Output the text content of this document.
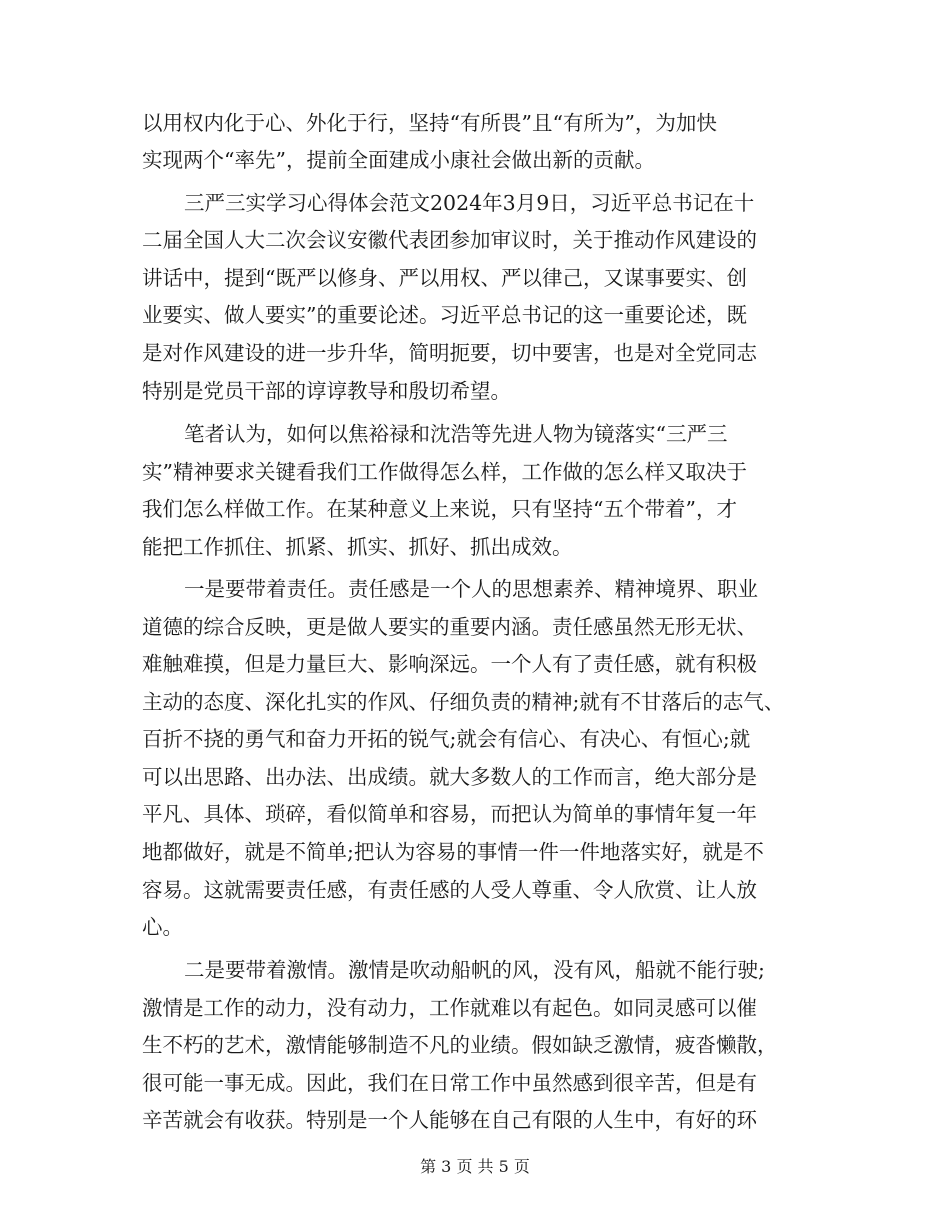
以用权内化于心、外化于行，坚持“有所畏”且“有所为”，为加快
实现两个“率先”，提前全面建成小康社会做出新的贡献。
三严三实学习心得体会范文2024年3月9日，习近平总书记在十
二届全国人大二次会议安徽代表团参加审议时，关于推动作风建设的
讲话中，提到“既严以修身、严以用权、严以律己，又谋事要实、创
业要实、做人要实”的重要论述。习近平总书记的这一重要论述，既
是对作风建设的进一步升华，简明扼要，切中要害，也是对全党同志
特别是党员干部的谆谆教导和殷切希望。
笔者认为，如何以焦裕禄和沈浩等先进人物为镜落实“三严三
实”精神要求关键看我们工作做得怎么样，工作做的怎么样又取决于
我们怎么样做工作。在某种意义上来说，只有坚持“五个带着”，才
能把工作抓住、抓紧、抓实、抓好、抓出成效。
一是要带着责任。责任感是一个人的思想素养、精神境界、职业
道德的综合反映，更是做人要实的重要内涵。责任感虽然无形无状、
难触难摸，但是力量巨大、影响深远。一个人有了责任感，就有积极
主动的态度、深化扎实的作风、仔细负责的精神;就有不甘落后的志气、
百折不挠的勇气和奋力开拓的锐气;就会有信心、有决心、有恒心;就
可以出思路、出办法、出成绩。就大多数人的工作而言，绝大部分是
平凡、具体、琐碎，看似简单和容易，而把认为简单的事情年复一年
地都做好，就是不简单;把认为容易的事情一件一件地落实好，就是不
容易。这就需要责任感，有责任感的人受人尊重、令人欣赏、让人放
心。
二是要带着激情。激情是吹动船帆的风，没有风，船就不能行驶;
激情是工作的动力，没有动力，工作就难以有起色。如同灵感可以催
生不朽的艺术，激情能够制造不凡的业绩。假如缺乏激情，疲沓懒散，
很可能一事无成。因此，我们在日常工作中虽然感到很辛苦，但是有
辛苦就会有收获。特别是一个人能够在自己有限的人生中，有好的环
第 3 页 共 5 页
